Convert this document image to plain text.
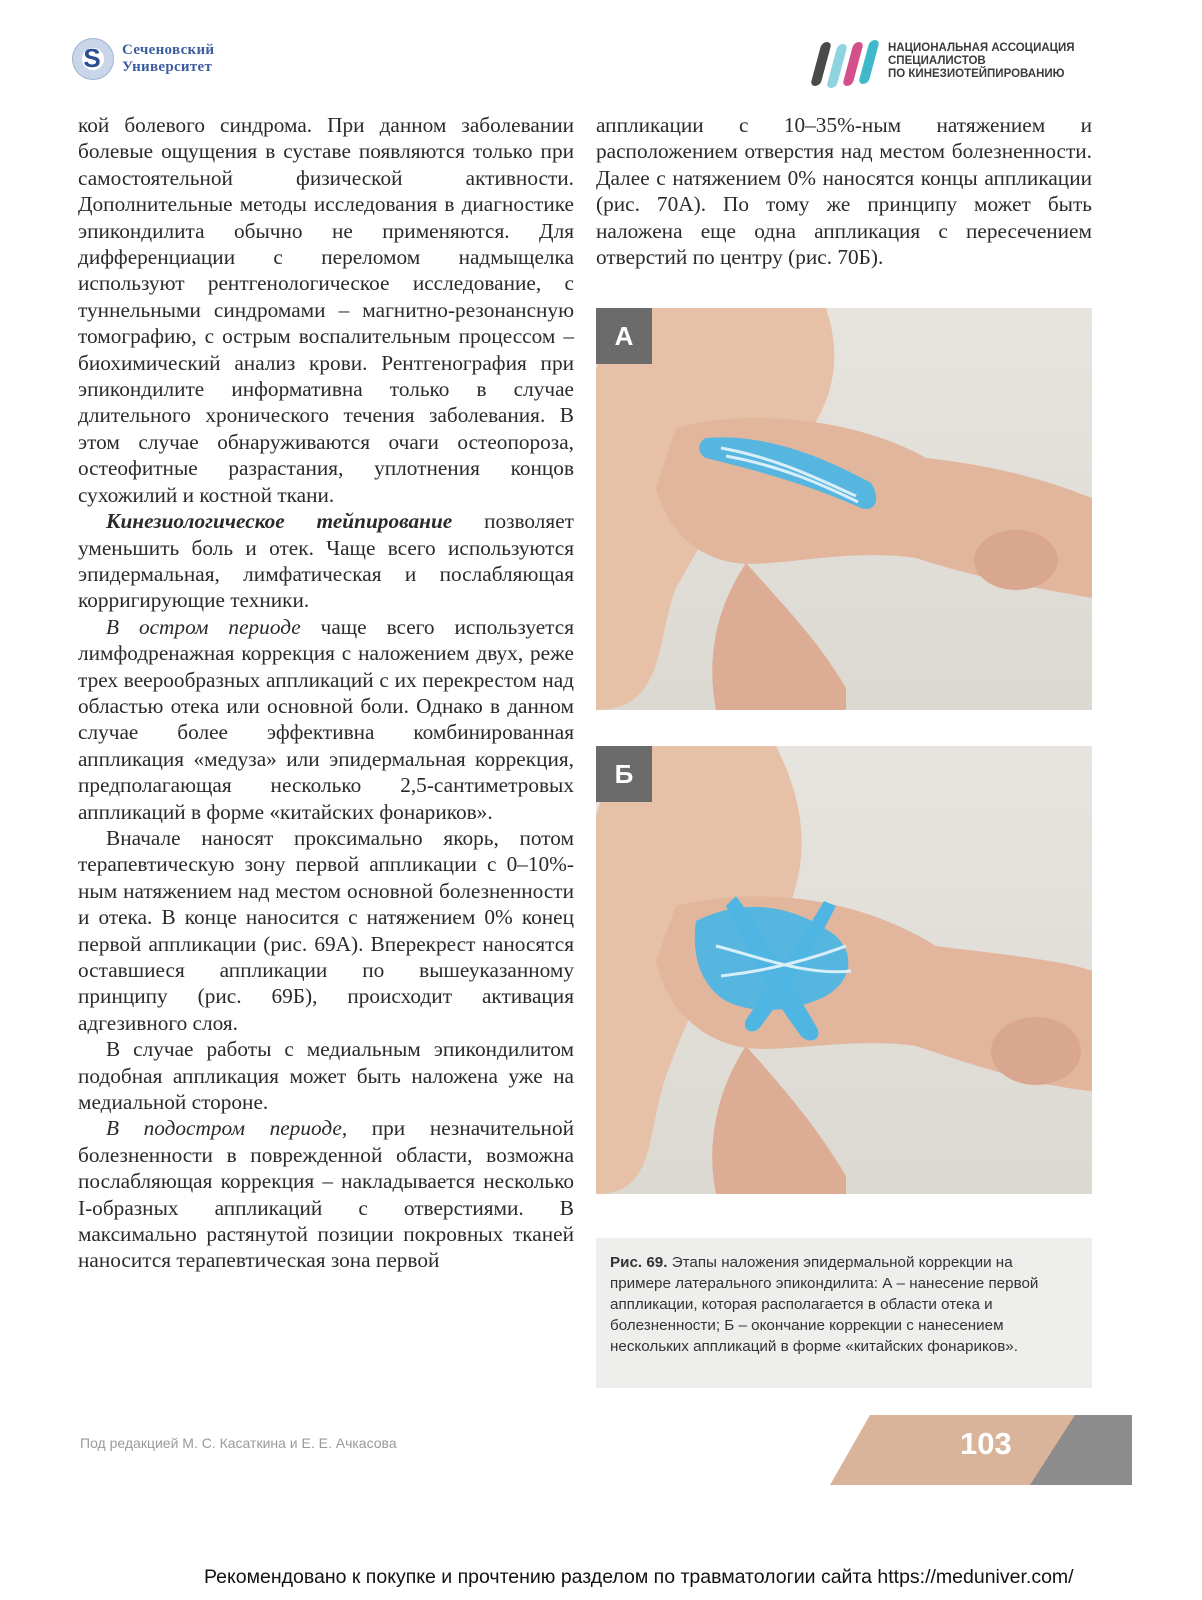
S	Сеченовский
Университет
НАЦИОНАЛЬНАЯ АССОЦИАЦИЯ
СПЕЦИАЛИСТОВ
ПО КИНЕЗИОТЕЙПИРОВАНИЮ

кой болевого синдрома. При данном заболевании болевые ощущения в суставе появляются только при самостоятельной физической активности. Дополнительные методы исследования в диагностике эпикондилита обычно не применяются. Для дифференциации с переломом надмыщелка используют рентгенологическое исследование, с туннельными синдромами – магнитно-резонансную томографию, с острым воспалительным процессом – биохимический анализ крови. Рентгенография при эпикондилите информативна только в случае длительного хронического течения заболевания. В этом случае обнаруживаются очаги остеопороза, остеофитные разрастания, уплотнения концов сухожилий и костной ткани.

Кинезиологическое тейпирование позволяет уменьшить боль и отек. Чаще всего используются эпидермальная, лимфатическая и послабляющая корригирующие техники.

В остром периоде чаще всего используется лимфодренажная коррекция с наложением двух, реже трех веерообразных аппликаций с их перекрестом над областью отека или основной боли. Однако в данном случае более эффективна комбинированная аппликация «медуза» или эпидермальная коррекция, предполагающая несколько 2,5-сантиметровых аппликаций в форме «китайских фонариков».

Вначале наносят проксимально якорь, потом терапевтическую зону первой аппликации с 0–10%-ным натяжением над местом основной болезненности и отека. В конце наносится с натяжением 0% конец первой аппликации (рис. 69А). Вперекрест наносятся оставшиеся аппликации по вышеуказанному принципу (рис. 69Б), происходит активация адгезивного слоя.

В случае работы с медиальным эпикондилитом подобная аппликация может быть наложена уже на медиальной стороне.

В подостром периоде, при незначительной болезненности в поврежденной области, возможна послабляющая коррекция – накладывается несколько I-образных аппликаций с отверстиями. В максимально растянутой позиции покровных тканей наносится терапевтическая зона первой

аппликации с 10–35%-ным натяжением и расположением отверстия над местом болезненности. Далее с натяжением 0% наносятся концы аппликации (рис. 70А). По тому же принципу может быть наложена еще одна аппликация с пересечением отверстий по центру (рис. 70Б).

А
Б
Рис. 69. Этапы наложения эпидермальной коррекции на примере латерального эпикондилита: А – нанесение первой аппликации, которая располагается в области отека и болезненности; Б – окончание коррекции с нанесением нескольких аппликаций в форме «китайских фонариков».
Под редакцией М. С. Касаткина и Е. Е. Ачкасова	103
Рекомендовано к покупке и прочтению разделом по травматологии сайта https://meduniver.com/
